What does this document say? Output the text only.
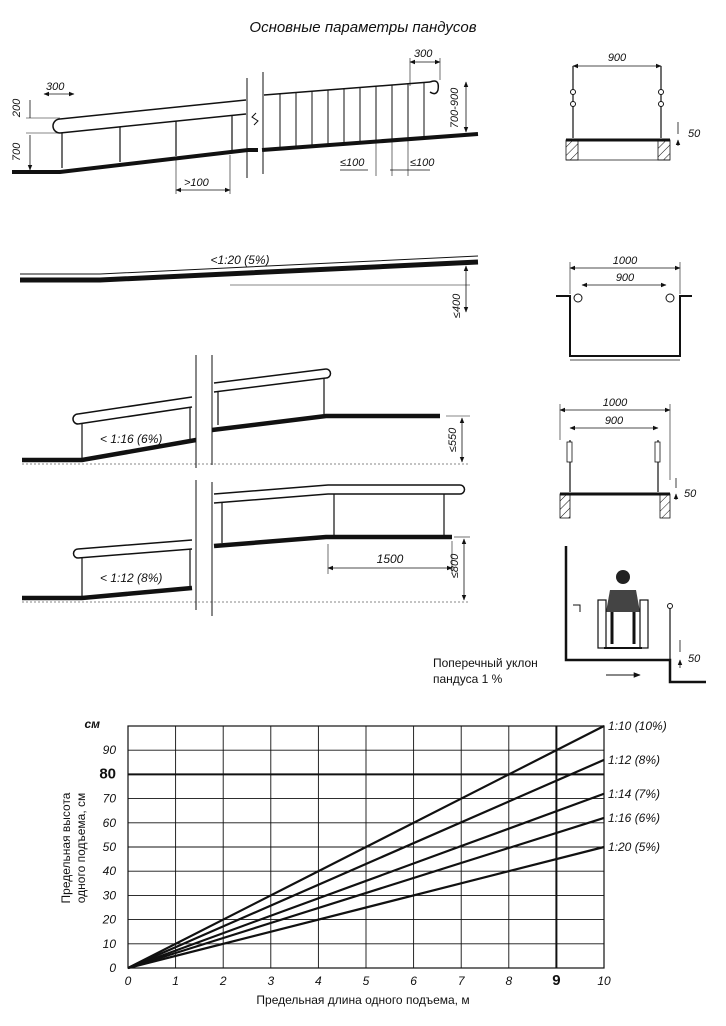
Основные параметры пандусов
300
200
700
>100
300
700-900
≤100	≤100
<1:20 (5%)
≤400
< 1:16 (6%)	≤550
< 1:12 (8%)
1500	≤800
900
50
1000
900
1000
900
50
50
Поперечный уклон
пандуса 1 %
0	1	2	3	4	5	6	7	8	9	10
0
10
20
30
40
50
60
70
80
90
1:10 (10%)
1:12 (8%)
1:14 (7%)
1:16 (6%)
1:20 (5%)
см
Предельная высота одного подъема, см
Предельная длина одного подъема, м
